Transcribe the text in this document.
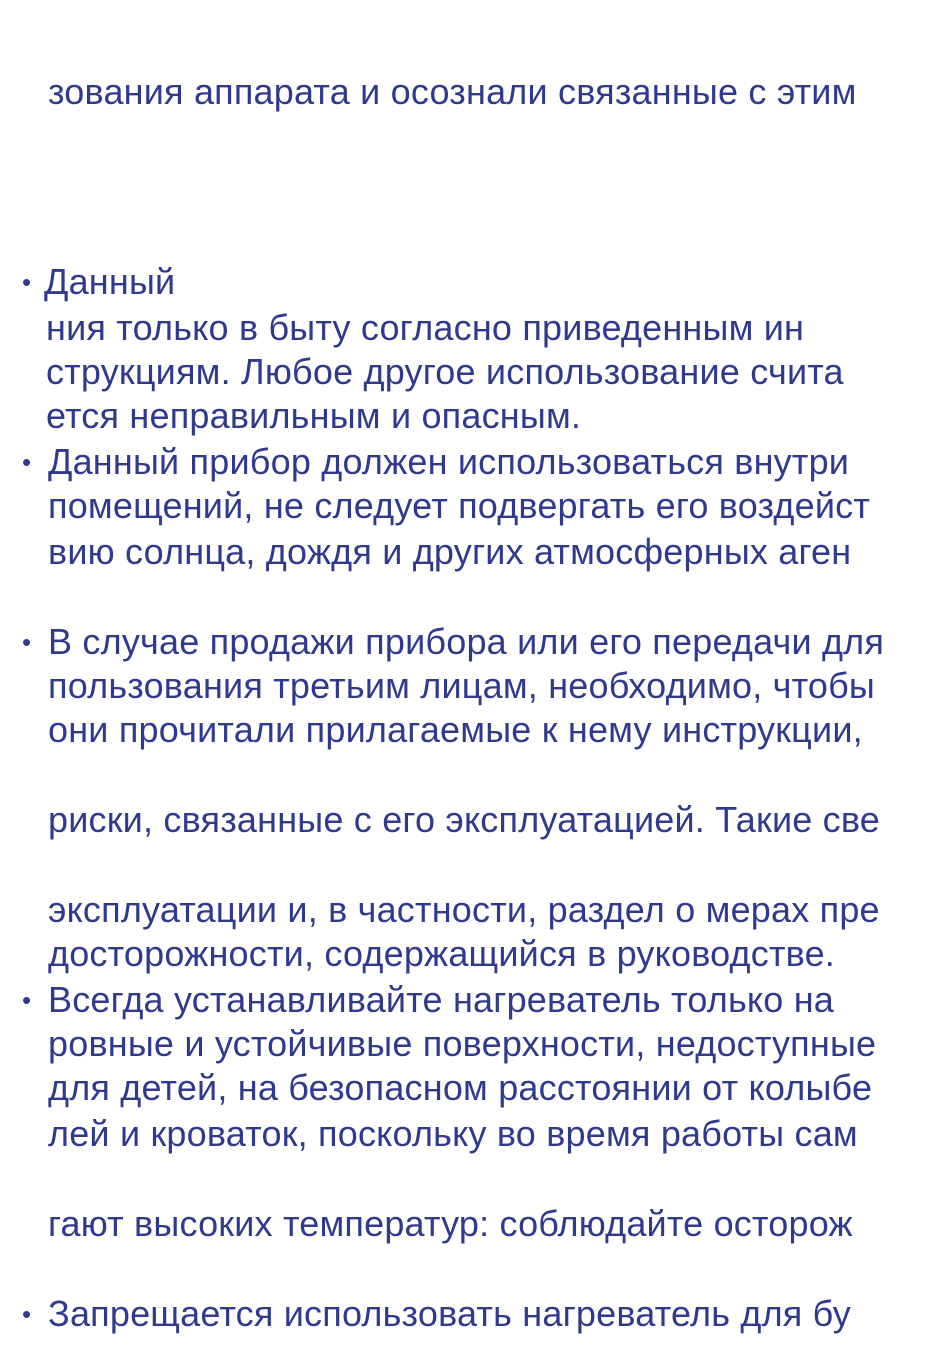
зования аппарата и осознали связанные с этим
• Данный
ния только в быту согласно приведенным ин
струкциям. Любое другое использование счита
ется неправильным и опасным.
• Данный прибор должен использоваться внутри
помещений, не следует подвергать его воздейст
вию солнца, дождя и других атмосферных аген
• В случае продажи прибора или его передачи для
пользования третьим лицам, необходимо, чтобы
они прочитали прилагаемые к нему инструкции,
риски, связанные с его эксплуатацией. Такие све
эксплуатации и, в частности, раздел о мерах пре
досторожности, содержащийся в руководстве.
• Всегда устанавливайте нагреватель только на
ровные и устойчивые поверхности, недоступные
для детей, на безопасном расстоянии от колыбе
лей и кроваток, поскольку во время работы сам
гают высоких температур: соблюдайте осторож
• Запрещается использовать нагреватель для бу
